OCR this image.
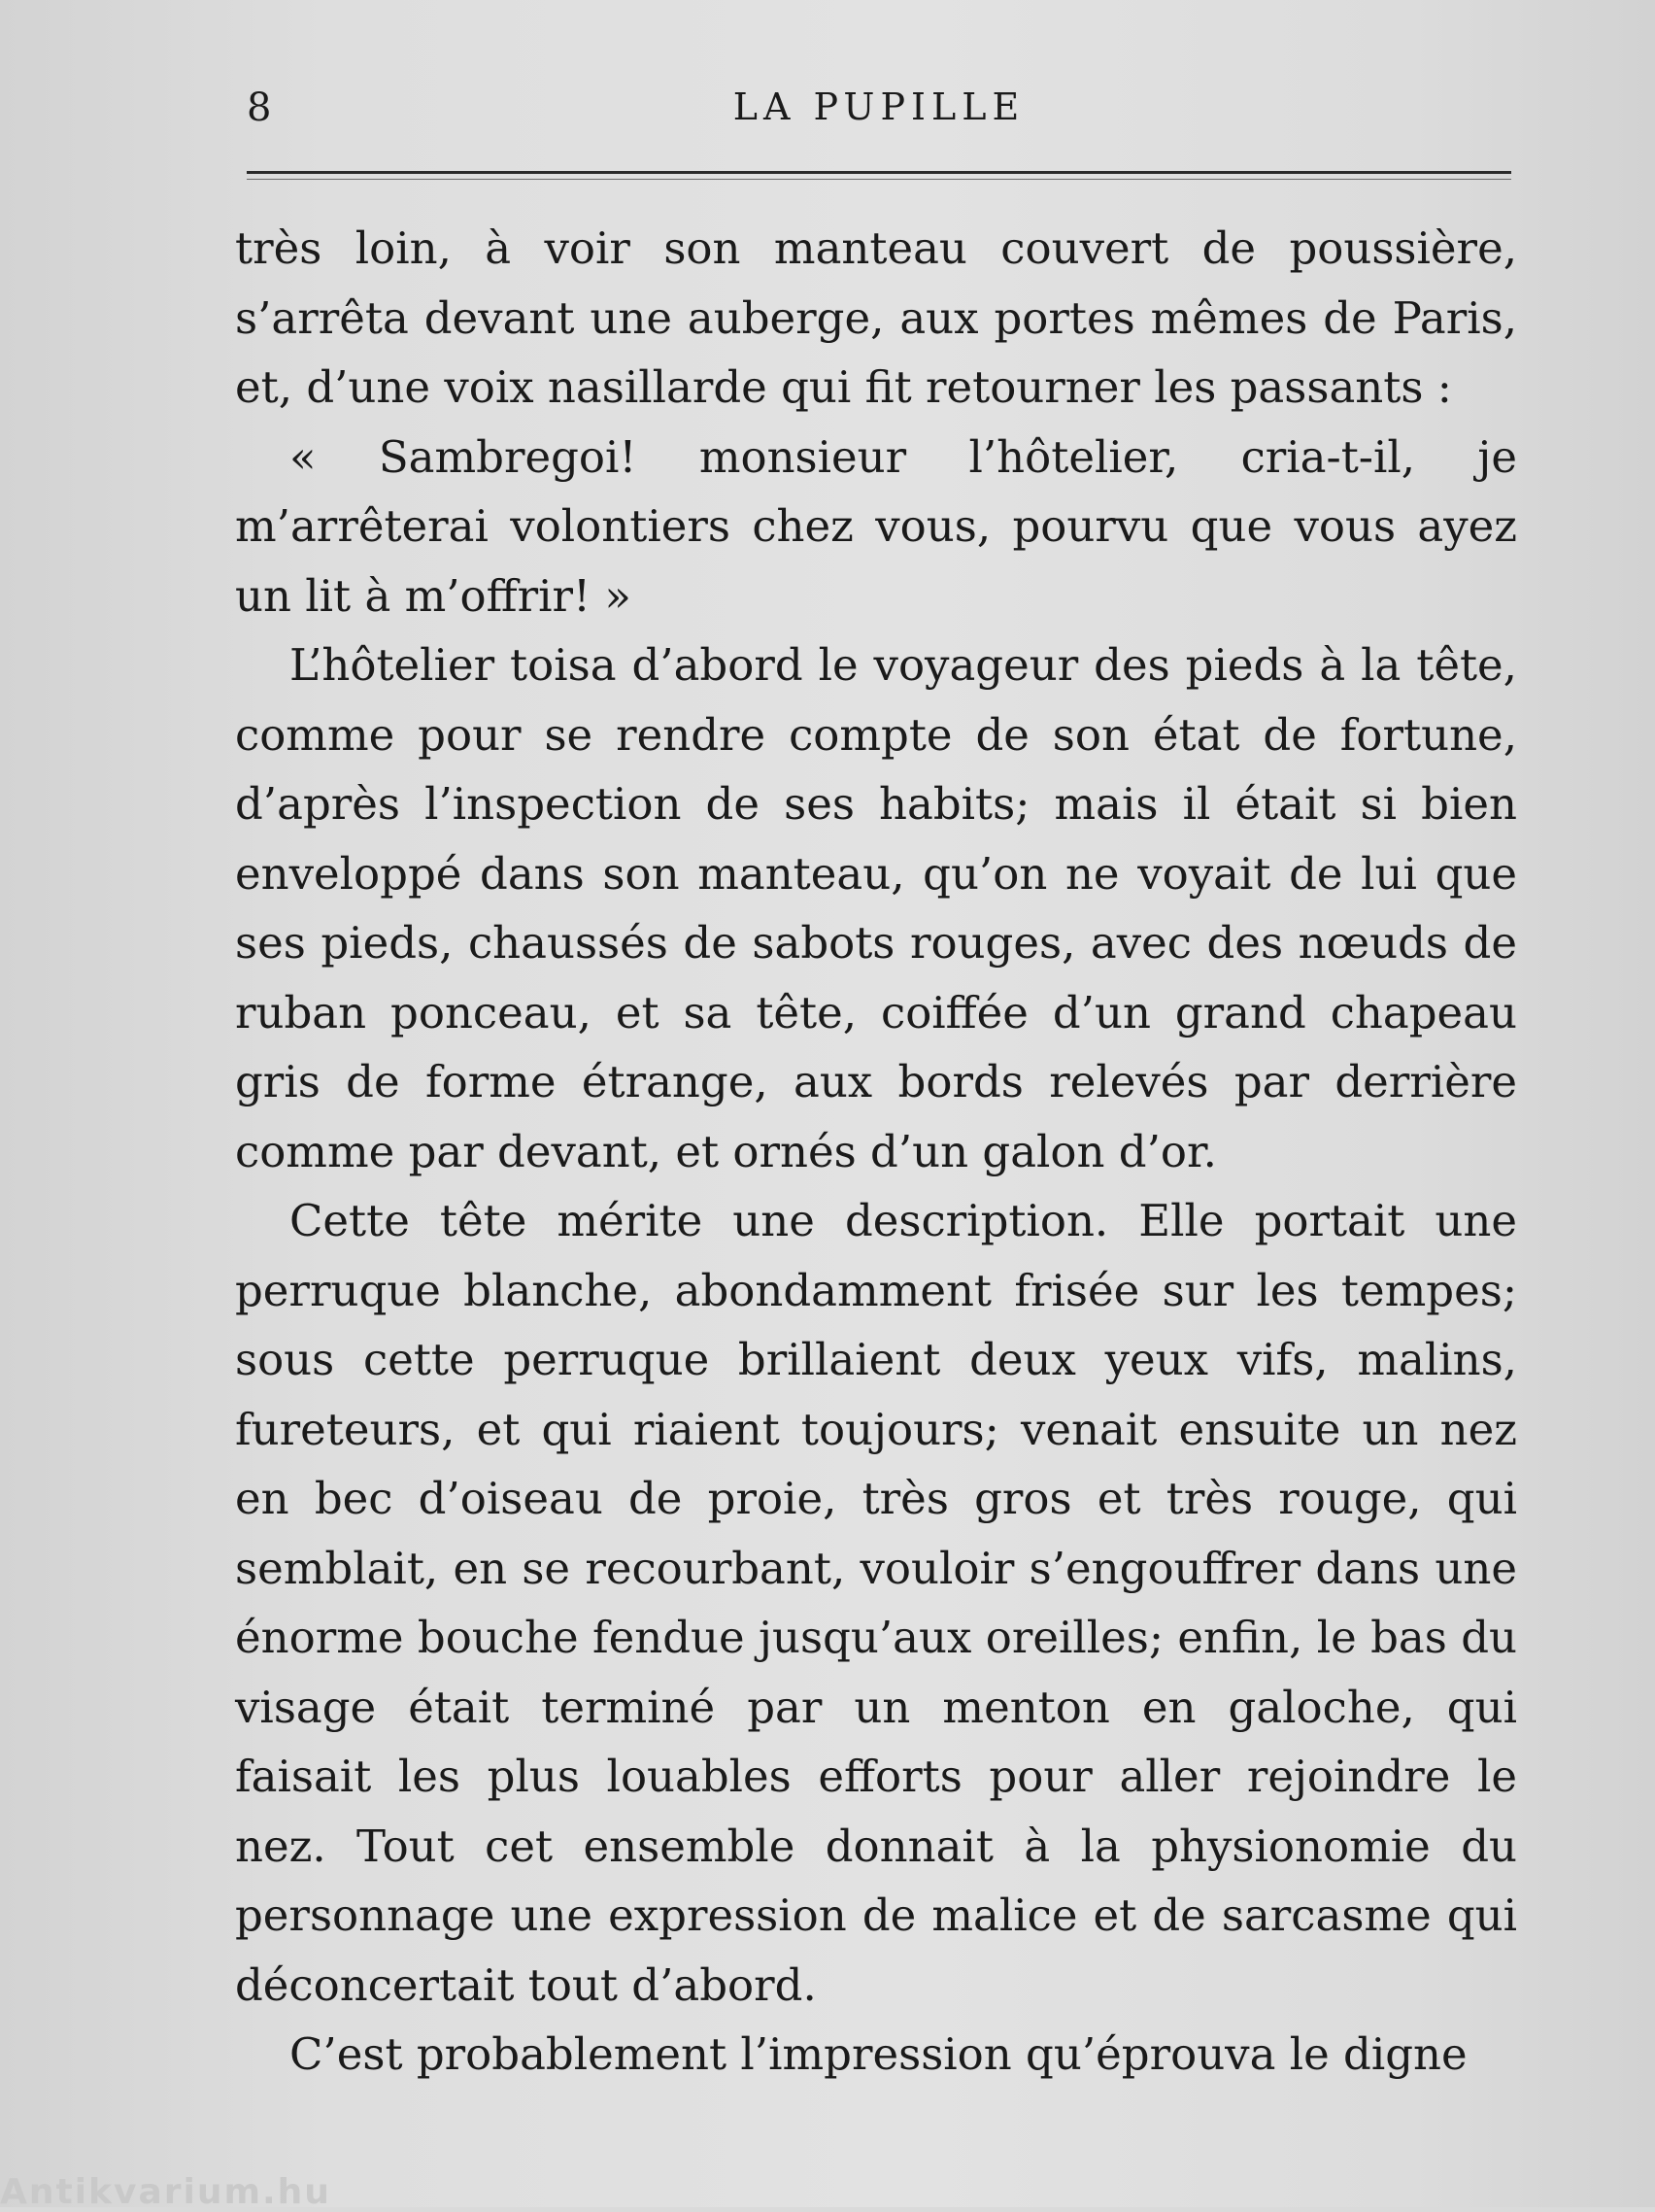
8	LA PUPILLE

très loin, à voir son manteau couvert de poussière, s’arrêta devant une auberge, aux portes mêmes de Paris, et, d’une voix nasillarde qui fit retourner les passants :

« Sambregoi! monsieur l’hôtelier, cria-t-il, je m’arrêterai volontiers chez vous, pourvu que vous ayez un lit à m’offrir! »

L’hôtelier toisa d’abord le voyageur des pieds à la tête, comme pour se rendre compte de son état de fortune, d’après l’inspection de ses habits; mais il était si bien enveloppé dans son manteau, qu’on ne voyait de lui que ses pieds, chaussés de sabots rouges, avec des nœuds de ruban ponceau, et sa tête, coiffée d’un grand chapeau gris de forme étrange, aux bords relevés par derrière comme par devant, et ornés d’un galon d’or.

Cette tête mérite une description. Elle portait une perruque blanche, abondamment frisée sur les tempes; sous cette perruque brillaient deux yeux vifs, malins, fureteurs, et qui riaient toujours; venait ensuite un nez en bec d’oiseau de proie, très gros et très rouge, qui semblait, en se recourbant, vouloir s’engouffrer dans une énorme bouche fendue jusqu’aux oreilles; enfin, le bas du visage était terminé par un menton en galoche, qui faisait les plus louables efforts pour aller rejoindre le nez. Tout cet ensemble donnait à la physionomie du personnage une expression de malice et de sarcasme qui déconcertait tout d’abord.

C’est probablement l’impression qu’éprouva le digne

Antikvarium.hu
